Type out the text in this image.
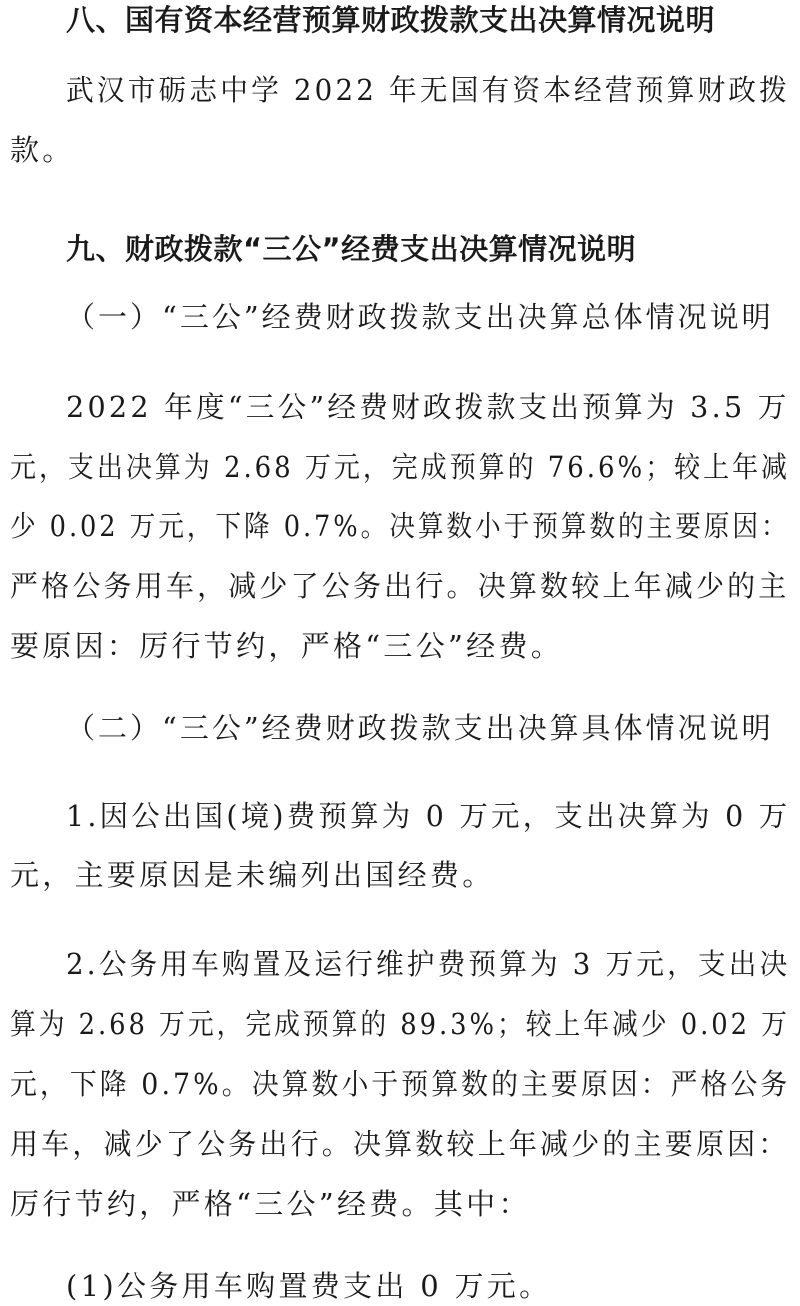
八、国有资本经营预算财政拨款支出决算情况说明

武汉市砺志中学 2022 年无国有资本经营预算财政拨

款。

九、财政拨款“三公”经费支出决算情况说明

（一）“三公”经费财政拨款支出决算总体情况说明

2022 年度“三公”经费财政拨款支出预算为 3.5 万

元，支出决算为 2.68 万元，完成预算的 76.6%；较上年减

少 0.02 万元，下降 0.7%。决算数小于预算数的主要原因：

严格公务用车，减少了公务出行。决算数较上年减少的主

要原因：厉行节约，严格“三公”经费。

（二）“三公”经费财政拨款支出决算具体情况说明

1.因公出国(境)费预算为 0 万元，支出决算为 0 万

元，主要原因是未编列出国经费。

2.公务用车购置及运行维护费预算为 3 万元，支出决

算为 2.68 万元，完成预算的 89.3%；较上年减少 0.02 万

元，下降 0.7%。决算数小于预算数的主要原因：严格公务

用车，减少了公务出行。决算数较上年减少的主要原因：

厉行节约，严格“三公”经费。其中：

(1)公务用车购置费支出 0 万元。
